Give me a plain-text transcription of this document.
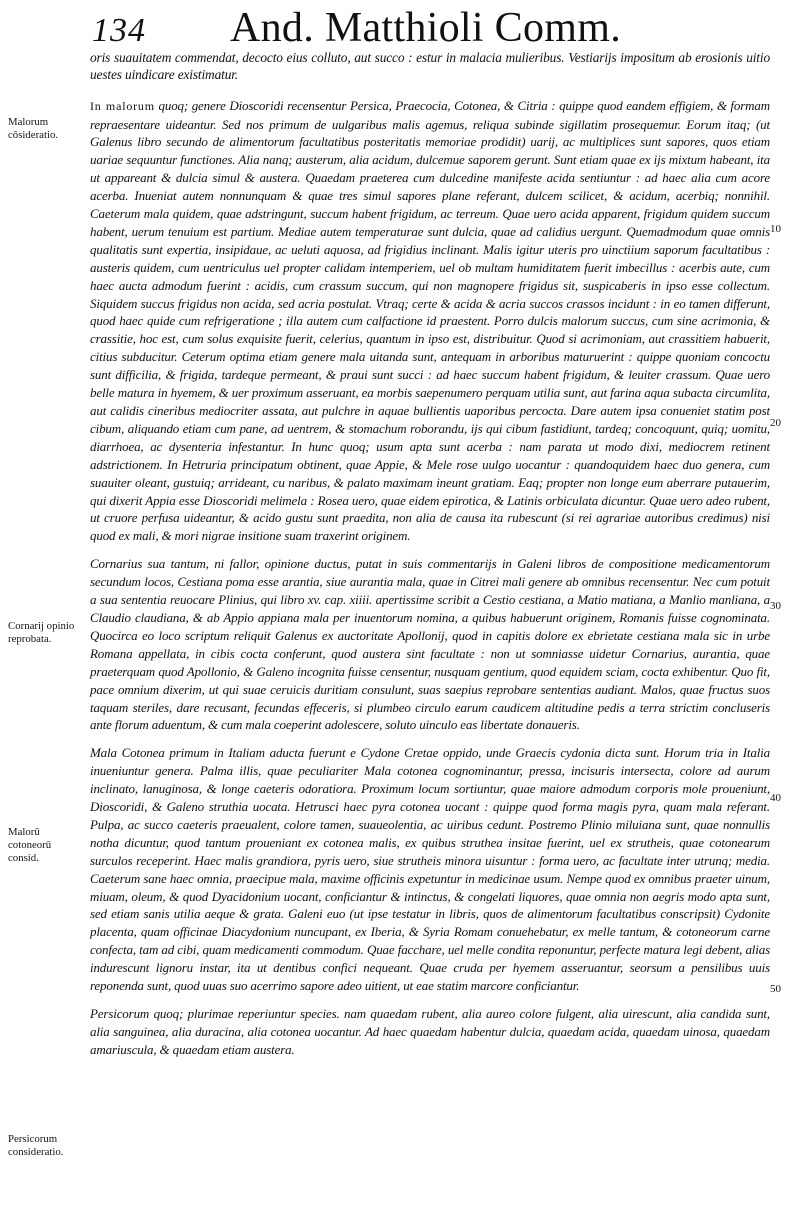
134 And. Matthioli Comm.

oris suauitatem commendat, decocto eius colluto, aut succo : estur in malacia mulieribus. Vestiarijs impositum ab erosionis uitio uestes uindicare existimatur.

In malorum quoq; genere Dioscoridi recensentur Persica, Praecocia, Cotonea, & Citria : quippe quod eandem effigiem, & formam repraesentare uideantur. Sed nos primum de uulgaribus malis agemus, reliqua subinde sigillatim prosequemur. Eorum itaq; (ut Galenus libro secundo de alimentorum facultatibus posteritatis memoriae prodidit) uarij, ac multiplices sunt sapores, quos etiam uariae sequuntur functiones. Alia nanq; austerum, alia acidum, dulcemue saporem gerunt. Sunt etiam quae ex ijs mixtum habeant, ita ut appareant & dulcia simul & austera. Quaedam praeterea cum dulcedine manifeste acida sentiuntur : ad haec alia cum acore acerba. Inueniat autem nonnunquam & quae tres simul sapores plane referant, dulcem scilicet, & acidum, acerbiq; nonnihil. Caeterum mala quidem, quae adstringunt, succum habent frigidum, ac terreum. Quae uero acida apparent, frigidum quidem succum habent, uerum tenuium est partium. Mediae autem temperaturae sunt dulcia, quae ad calidius uergunt. Quemadmodum quae omnis qualitatis sunt expertia, insipidaue, ac ueluti aquosa, ad frigidius inclinant. Malis igitur uteris pro uinctiium saporum facultatibus : austeris quidem, cum uentriculus uel propter calidam intemperiem, uel ob multam humiditatem fuerit imbecillus : acerbis aute, cum haec aucta admodum fuerint : acidis, cum crassum succum, qui non magnopere frigidus sit, suspicaberis in ipso esse collectum. Siquidem succus frigidus non acida, sed acria postulat. Vtraq; certe & acida & acria succos crassos incidunt : in eo tamen differunt, quod haec quide cum refrigeratione ; illa autem cum calfactione id praestent. Porro dulcis malorum succus, cum sine acrimonia, & crassitie, hoc est, cum solus exquisite fuerit, celerius, quantum in ipso est, distribuitur. Quod si acrimoniam, aut crassitiem habuerit, citius subducitur. Ceterum optima etiam genere mala uitanda sunt, antequam in arboribus maturuerint : quippe quoniam concoctu sunt difficilia, & frigida, tardeque permeant, & praui sunt succi : ad haec succum habent frigidum, & leuiter crassum. Quae uero belle matura in hyemem, & uer proximum asseruant, ea morbis saepenumero perquam utilia sunt, aut farina aqua subacta circumlita, aut calidis cineribus mediocriter assata, aut pulchre in aquae bullientis uaporibus percocta. Dare autem ipsa conueniet statim post cibum, aliquando etiam cum pane, ad uentrem, & stomachum roborandu, ijs qui cibum fastidiunt, tardeq; concoquunt, quiq; uomitu, diarrhoea, ac dysenteria infestantur. In hunc quoq; usum apta sunt acerba : nam parata ut modo dixi, mediocrem retinent adstrictionem. In Hetruria principatum obtinent, quae Appie, & Mele rose uulgo uocantur : quandoquidem haec duo genera, cum suauiter oleant, gustuiq; arrideant, cu naribus, & palato maximam ineunt gratiam. Eaq; propter non longe eum aberrare putauerim, qui dixerit Appia esse Dioscoridi melimela : Rosea uero, quae eidem epirotica, & Latinis orbiculata dicuntur. Quae uero adeo rubent, ut cruore perfusa uideantur, & acido gustu sunt praedita, non alia de causa ita rubescunt (si rei agrariae autoribus credimus) nisi quod ex mali, & mori nigrae insitione suam traxerint originem.

Cornarius sua tantum, ni fallor, opinione ductus, putat in suis commentarijs in Galeni libros de compositione medicamentorum secundum locos, Cestiana poma esse arantia, siue aurantia mala, quae in Citrei mali genere ab omnibus recensentur. Nec cum potuit a sua sententia reuocare Plinius, qui libro xv. cap. xiiii. apertissime scribit a Cestio cestiana, a Matio matiana, a Manlio manliana, a Claudio claudiana, & ab Appio appiana mala per inuentorum nomina, a quibus habuerunt originem, Romanis fuisse cognominata. Quocirca eo loco scriptum reliquit Galenus ex auctoritate Apollonij, quod in capitis dolore ex ebrietate cestiana mala sic in urbe Romana appellata, in cibis cocta conferunt, quod austera sint facultate : non ut somniasse uidetur Cornarius, aurantia, quae praeterquam quod Apollonio, & Galeno incognita fuisse censentur, nusquam gentium, quod equidem sciam, cocta exhibentur. Quo fit, pace omnium dixerim, ut qui suae ceruicis duritiam consulunt, suas saepius reprobare sententias audiant. Malos, quae fructus suos taquam steriles, dare recusant, fecundas effeceris, si plumbeo circulo earum caudicem altitudine pedis a terra strictim concluseris ante florum aduentum, & cum mala coeperint adolescere, soluto uinculo eas libertate donaueris.

Mala Cotonea primum in Italiam aducta fuerunt e Cydone Cretae oppido, unde Graecis cydonia dicta sunt. Horum tria in Italia inueniuntur genera. Palma illis, quae peculiariter Mala cotonea cognominantur, pressa, incisuris intersecta, colore ad aurum inclinato, lanuginosa, & longe caeteris odoratiora. Proximum locum sortiuntur, quae maiore admodum corporis mole proueniunt, Dioscoridi, & Galeno struthia uocata. Hetrusci haec pyra cotonea uocant : quippe quod forma magis pyra, quam mala referant. Pulpa, ac succo caeteris praeualent, colore tamen, suaueolentia, ac uiribus cedunt. Postremo Plinio miluiana sunt, quae nonnullis notha dicuntur, quod tantum proueniant ex cotonea malis, ex quibus struthea insitae fuerint, uel ex strutheis, quae cotonearum surculos receperint. Haec malis grandiora, pyris uero, siue strutheis minora uisuntur : forma uero, ac facultate inter utrunq; media. Caeterum sane haec omnia, praecipue mala, maxime officinis expetuntur in medicinae usum. Nempe quod ex omnibus praeter uinum, miuam, oleum, & quod Dyacidonium uocant, conficiantur & intinctus, & congelati liquores, quae omnia non aegris modo apta sunt, sed etiam sanis utilia aeque & grata. Galeni euo (ut ipse testatur in libris, quos de alimentorum facultatibus conscripsit) Cydonite placenta, quam officinae Diacydonium nuncupant, ex Iberia, & Syria Romam conuehebatur, ex melle tantum, & cotoneorum carne confecta, tam ad cibi, quam medicamenti commodum. Quae facchare, uel melle condita reponuntur, perfecte matura legi debent, alias indurescunt lignoru instar, ita ut dentibus confici nequeant. Quae cruda per hyemem asseruantur, seorsum a pensilibus uuis reponenda sunt, quod uuas suo acerrimo sapore adeo uitient, ut eae statim marcore conficiantur.

Persicorum quoq; plurimae reperiuntur species. nam quaedam rubent, alia aureo colore fulgent, alia uirescunt, alia candida sunt, alia sanguinea, alia duracina, alia cotonea uocantur. Ad haec quaedam habentur dulcia, quaedam acida, quaedam uinosa, quaedam amariuscula, & quaedam etiam austera.

Malorum cōsideratio.
Cornarij opinio reprobata.
Malorū cotoneorū consid.
Persicorum consideratio.
10
20
30
40
50
